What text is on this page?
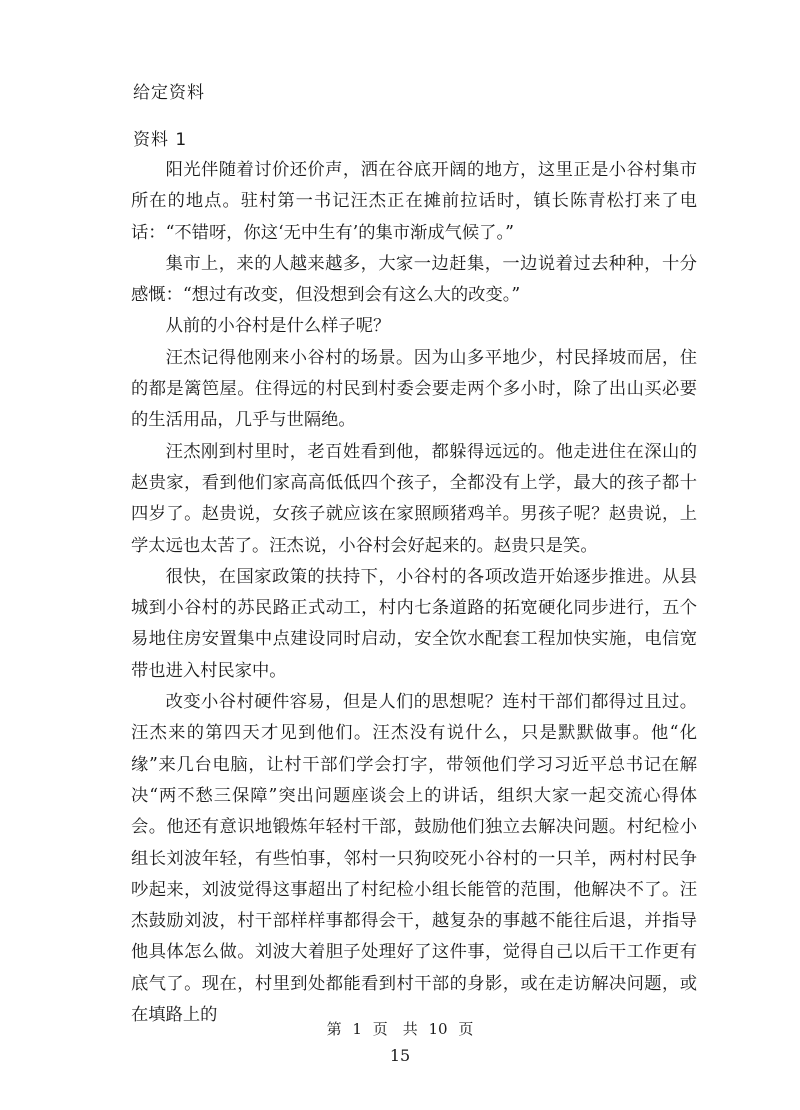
给定资料
资料 1

阳光伴随着讨价还价声，洒在谷底开阔的地方，这里正是小谷村集市所在的地点。驻村第一书记汪杰正在摊前拉话时，镇长陈青松打来了电话：“不错呀，你这‘无中生有’的集市渐成气候了。”

集市上，来的人越来越多，大家一边赶集，一边说着过去种种，十分感慨：“想过有改变，但没想到会有这么大的改变。”

从前的小谷村是什么样子呢？

汪杰记得他刚来小谷村的场景。因为山多平地少，村民择坡而居，住的都是篱笆屋。住得远的村民到村委会要走两个多小时，除了出山买必要的生活用品，几乎与世隔绝。

汪杰刚到村里时，老百姓看到他，都躲得远远的。他走进住在深山的赵贵家，看到他们家高高低低四个孩子，全都没有上学，最大的孩子都十四岁了。赵贵说，女孩子就应该在家照顾猪鸡羊。男孩子呢？赵贵说，上学太远也太苦了。汪杰说，小谷村会好起来的。赵贵只是笑。

很快，在国家政策的扶持下，小谷村的各项改造开始逐步推进。从县城到小谷村的苏民路正式动工，村内七条道路的拓宽硬化同步进行，五个易地住房安置集中点建设同时启动，安全饮水配套工程加快实施，电信宽带也进入村民家中。

改变小谷村硬件容易，但是人们的思想呢？连村干部们都得过且过。汪杰来的第四天才见到他们。汪杰没有说什么，只是默默做事。他“化缘”来几台电脑，让村干部们学会打字，带领他们学习习近平总书记在解决“两不愁三保障”突出问题座谈会上的讲话，组织大家一起交流心得体会。他还有意识地锻炼年轻村干部，鼓励他们独立去解决问题。村纪检小组长刘波年轻，有些怕事，邻村一只狗咬死小谷村的一只羊，两村村民争吵起来，刘波觉得这事超出了村纪检小组长能管的范围，他解决不了。汪杰鼓励刘波，村干部样样事都得会干，越复杂的事越不能往后退，并指导他具体怎么做。刘波大着胆子处理好了这件事，觉得自己以后干工作更有底气了。现在，村里到处都能看到村干部的身影，或在走访解决问题，或在填路上的

第 1 页　共 10 页
15
